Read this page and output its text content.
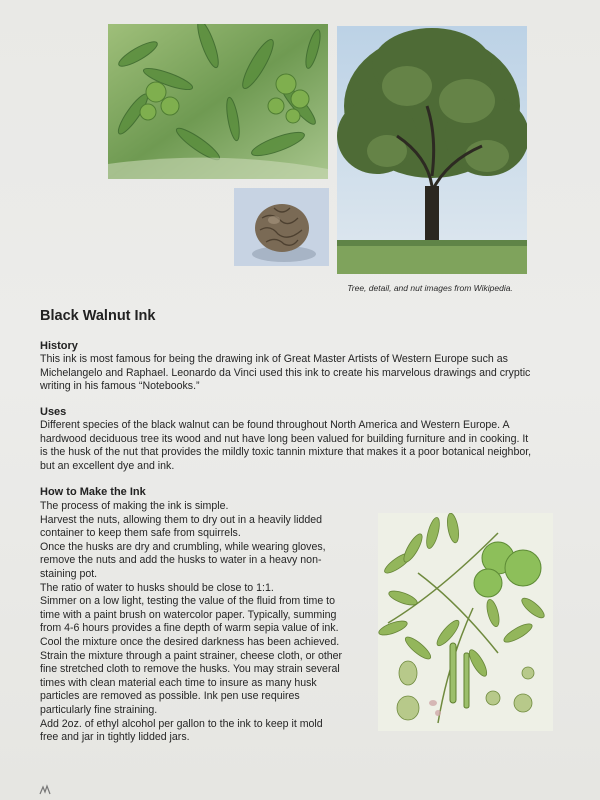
Tree, detail, and nut images from Wikipedia.
Black Walnut Ink
History
This ink is most famous for being the drawing ink of Great Master Artists of Western Europe such as
Michelangelo and Raphael. Leonardo da Vinci used this ink to create his marvelous drawings and cryptic
writing in his famous “Notebooks.”
Uses
Different species of the black walnut can be found throughout North America and Western Europe. A
hardwood deciduous tree its wood and nut have long been valued for building furniture and in cooking. It
is the husk of the nut that provides the mildly toxic tannin mixture that makes it a poor botanical neighbor,
but an excellent dye and ink.
How to Make the Ink
The process of making the ink is simple.
Harvest the nuts, allowing them to dry out in a heavily lidded
container to keep them safe from squirrels.
Once the husks are dry and crumbling, while wearing gloves,
remove the nuts and add the husks to water in a heavy non-
staining pot.
The ratio of water to husks should be close to 1:1.
Simmer on a low light, testing the value of the fluid from time to
time with a paint brush on watercolor paper. Typically, summing
from 4-6 hours provides a fine depth of warm sepia value of ink.
Cool the mixture once the desired darkness has been achieved.
Strain the mixture through a paint strainer, cheese cloth, or other
fine stretched cloth to remove the husks. You may strain several
times with clean material each time to insure as many husk
particles are removed as possible. Ink pen use requires
particularly fine straining.
Add 2oz. of ethyl alcohol per gallon to the ink to keep it mold
free and jar in tightly lidded jars.
